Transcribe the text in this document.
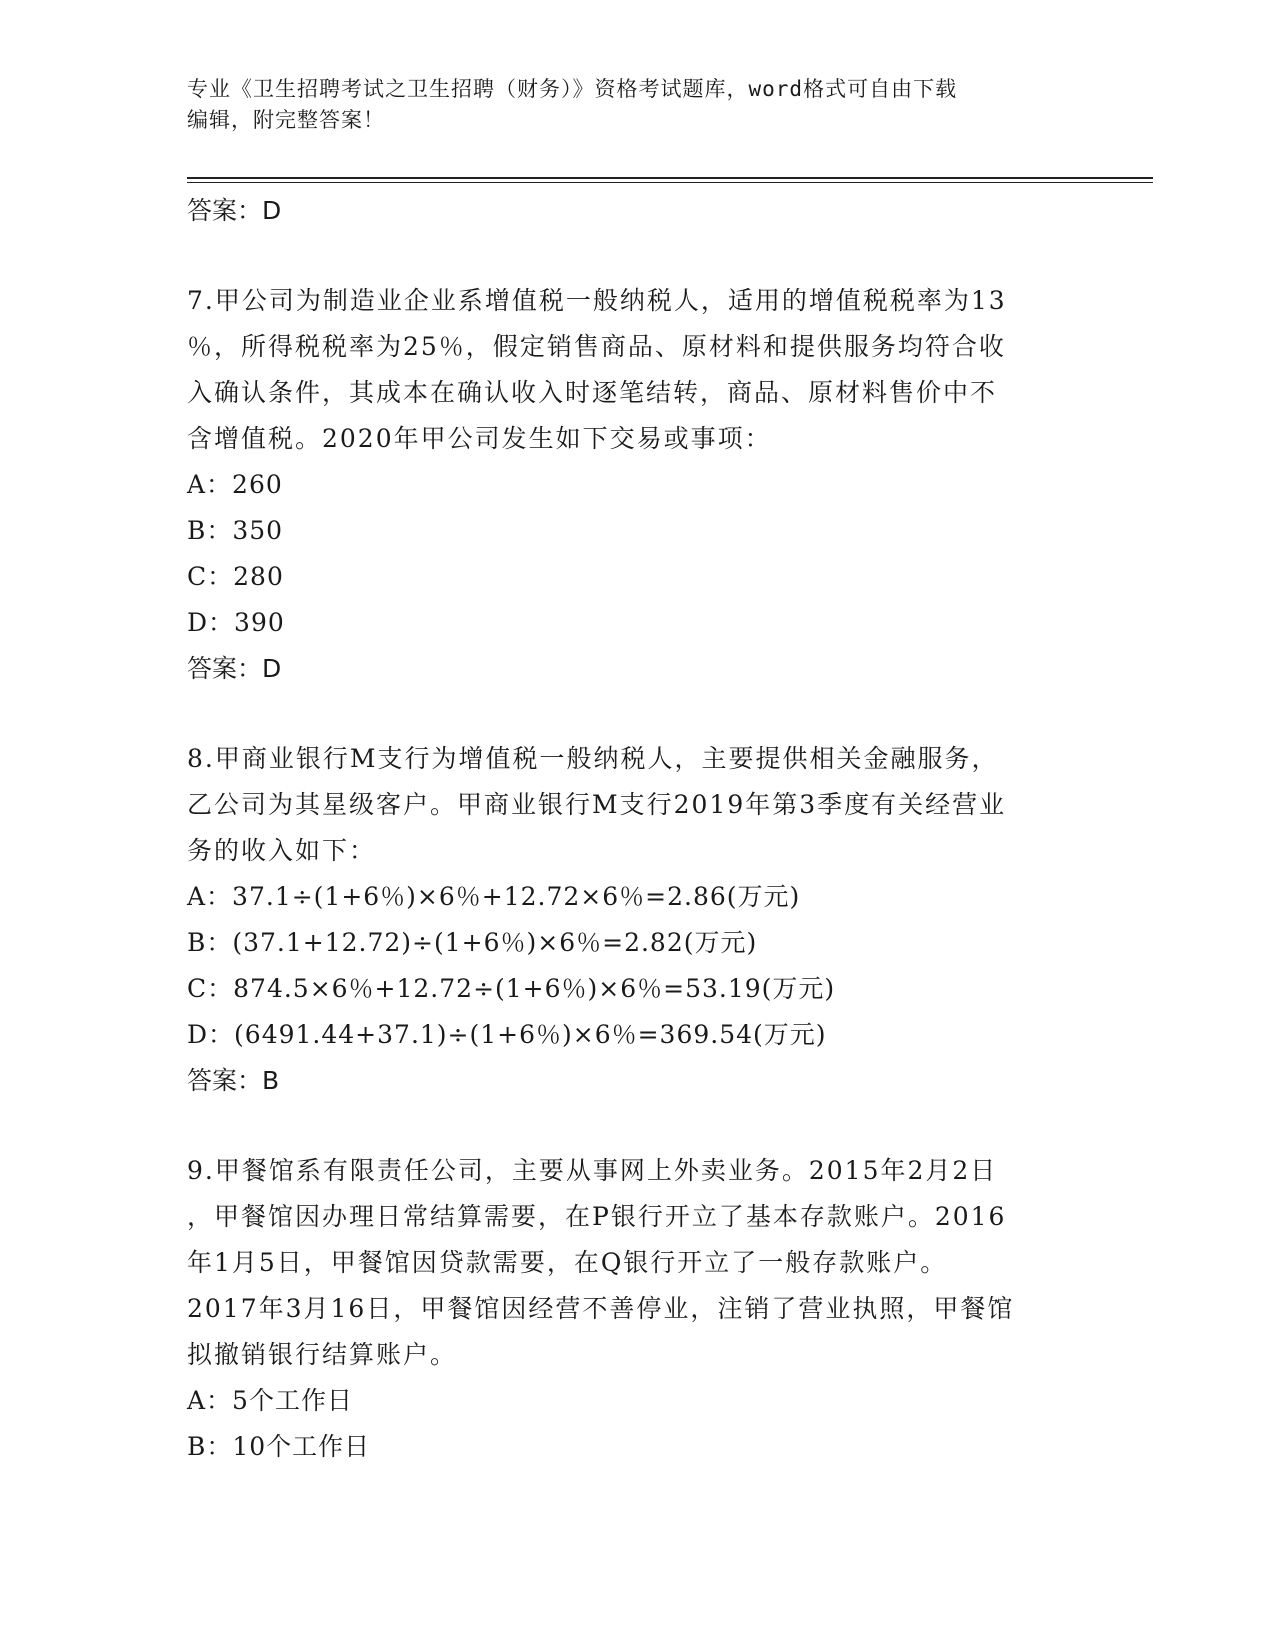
专业《卫生招聘考试之卫生招聘（财务）》资格考试题库，word格式可自由下载

编辑，附完整答案！

答案：D

7.甲公司为制造业企业系增值税一般纳税人，适用的增值税税率为13
％，所得税税率为25％，假定销售商品、原材料和提供服务均符合收
入确认条件，其成本在确认收入时逐笔结转，商品、原材料售价中不
含增值税。2020年甲公司发生如下交易或事项：

A：260

B：350

C：280

D：390

答案：D

8.甲商业银行M支行为增值税一般纳税人，主要提供相关金融服务，
乙公司为其星级客户。甲商业银行M支行2019年第3季度有关经营业
务的收入如下：

A：37.1÷(1+6％)×6％+12.72×6％=2.86(万元)

B：(37.1+12.72)÷(1+6％)×6％=2.82(万元)

C：874.5×6％+12.72÷(1+6％)×6％=53.19(万元)

D：(6491.44+37.1)÷(1+6％)×6％=369.54(万元)

答案：B

9.甲餐馆系有限责任公司，主要从事网上外卖业务。2015年2月2日
，甲餐馆因办理日常结算需要，在P银行开立了基本存款账户。2016
年1月5日，甲餐馆因贷款需要，在Q银行开立了一般存款账户。
2017年3月16日，甲餐馆因经营不善停业，注销了营业执照，甲餐馆
拟撤销银行结算账户。

A：5个工作日

B：10个工作日
